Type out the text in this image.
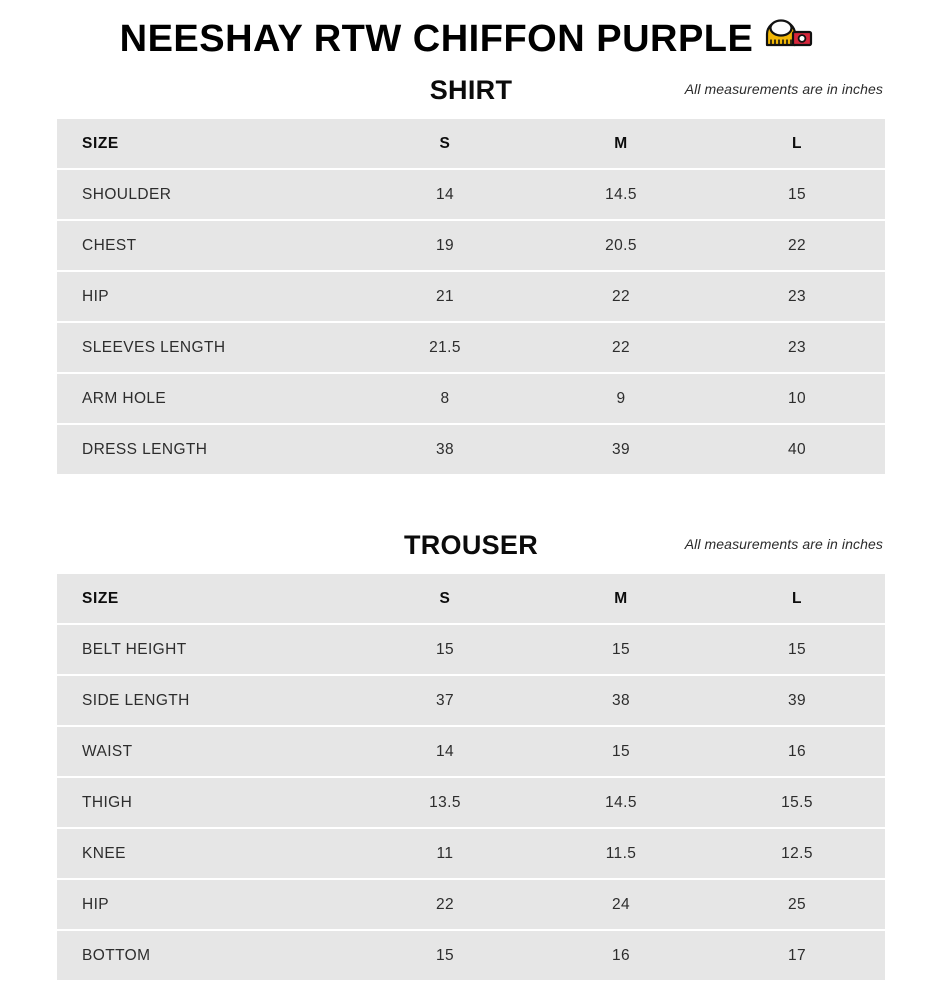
NEESHAY RTW CHIFFON PURPLE
SHIRT	All measurements are in inches
SIZE	S	M	L
SHOULDER	14	14.5	15
CHEST	19	20.5	22
HIP	21	22	23
SLEEVES LENGTH	21.5	22	23
ARM HOLE	8	9	10
DRESS LENGTH	38	39	40
TROUSER	All measurements are in inches
SIZE	S	M	L
BELT HEIGHT	15	15	15
SIDE LENGTH	37	38	39
WAIST	14	15	16
THIGH	13.5	14.5	15.5
KNEE	11	11.5	12.5
HIP	22	24	25
BOTTOM	15	16	17
